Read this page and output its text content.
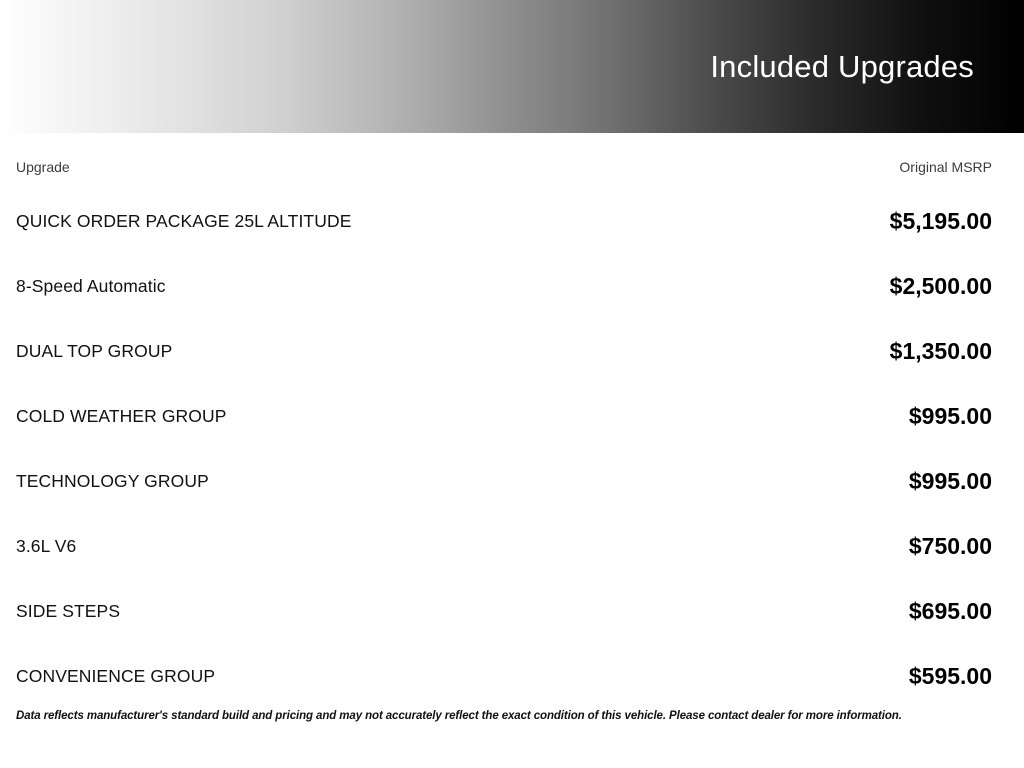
Included Upgrades
Upgrade	Original MSRP
QUICK ORDER PACKAGE 25L ALTITUDE	$5,195.00
8-Speed Automatic	$2,500.00
DUAL TOP GROUP	$1,350.00
COLD WEATHER GROUP	$995.00
TECHNOLOGY GROUP	$995.00
3.6L V6	$750.00
SIDE STEPS	$695.00
CONVENIENCE GROUP	$595.00
Data reflects manufacturer's standard build and pricing and may not accurately reflect the exact condition of this vehicle. Please contact dealer for more information.
